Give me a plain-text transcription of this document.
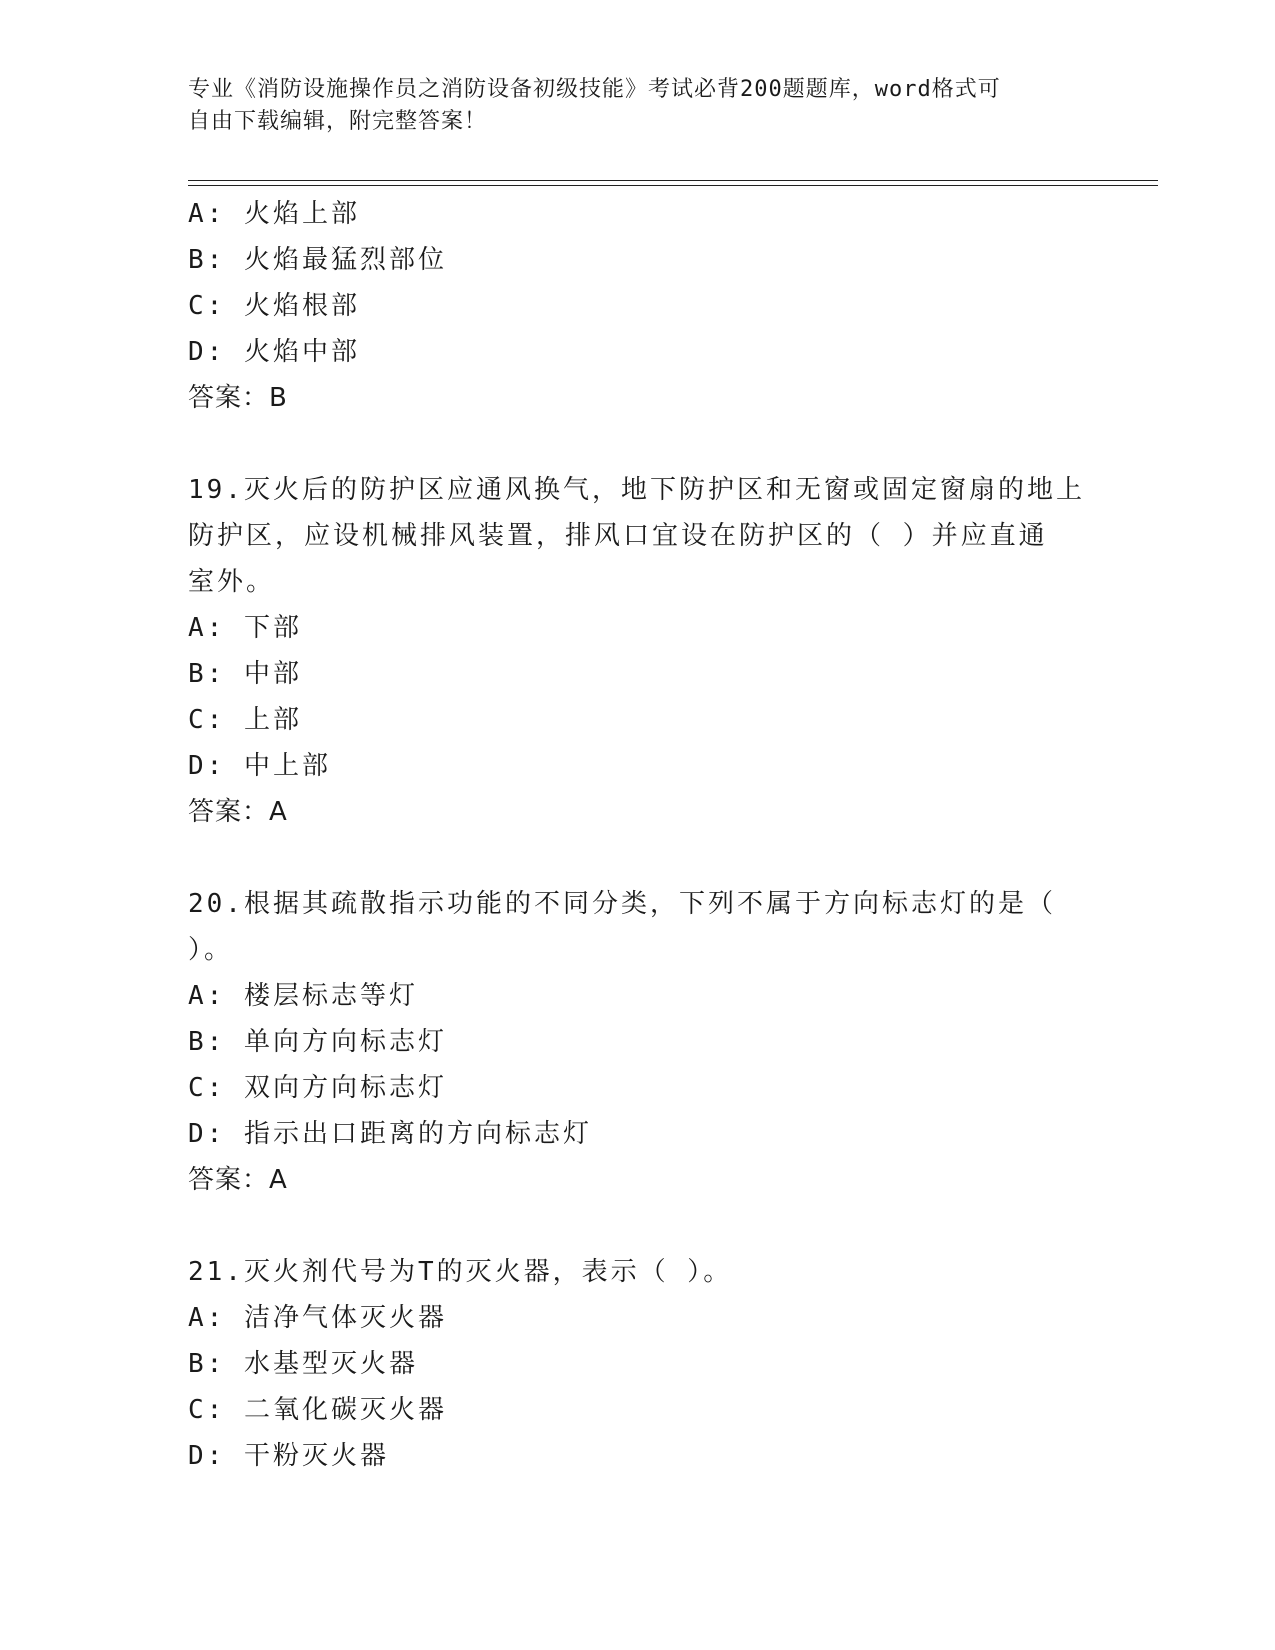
专业《消防设施操作员之消防设备初级技能》考试必背200题题库，word格式可
自由下载编辑，附完整答案！
A: 火焰上部
B: 火焰最猛烈部位
C: 火焰根部
D: 火焰中部
答案：B
19.灭火后的防护区应通风换气，地下防护区和无窗或固定窗扇的地上
防护区，应设机械排风装置，排风口宜设在防护区的（ ）并应直通
室外。
A: 下部
B: 中部
C: 上部
D: 中上部
答案：A
20.根据其疏散指示功能的不同分类，下列不属于方向标志灯的是（
）。
A: 楼层标志等灯
B: 单向方向标志灯
C: 双向方向标志灯
D: 指示出口距离的方向标志灯
答案：A
21.灭火剂代号为T的灭火器，表示（ ）。
A: 洁净气体灭火器
B: 水基型灭火器
C: 二氧化碳灭火器
D: 干粉灭火器
